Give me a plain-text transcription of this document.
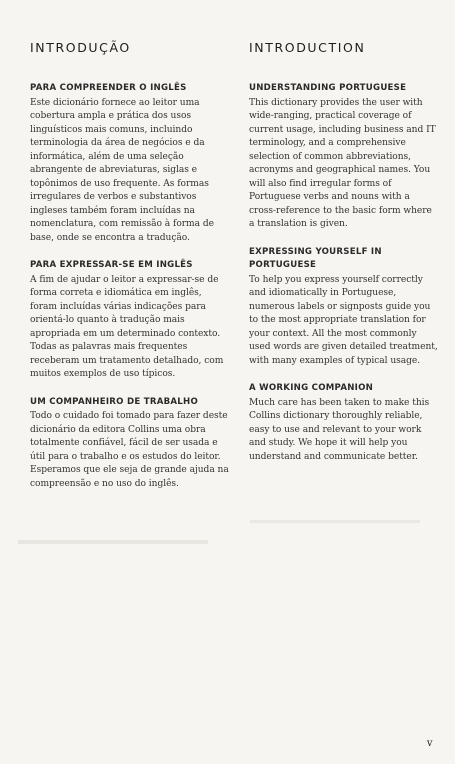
INTRODUÇÃO
PARA COMPREENDER O INGLÊS

Este dicionário fornece ao leitor uma cobertura ampla e prática dos usos linguísticos mais comuns, incluindo terminologia da área de negócios e da informática, além de uma seleção abrangente de abreviaturas, siglas e topônimos de uso frequente. As formas irregulares de verbos e substantivos ingleses também foram incluídas na nomenclatura, com remissão à forma de base, onde se encontra a tradução.

PARA EXPRESSAR-SE EM INGLÊS

A fim de ajudar o leitor a expressar-se de forma correta e idiomática em inglês, foram incluídas várias indicações para orientá-lo quanto à tradução mais apropriada em um determinado contexto. Todas as palavras mais frequentes receberam um tratamento detalhado, com muitos exemplos de uso típicos.

UM COMPANHEIRO DE TRABALHO

Todo o cuidado foi tomado para fazer deste dicionário da editora Collins uma obra totalmente confiável, fácil de ser usada e útil para o trabalho e os estudos do leitor. Esperamos que ele seja de grande ajuda na compreensão e no uso do inglês.

INTRODUCTION
UNDERSTANDING PORTUGUESE

This dictionary provides the user with wide-ranging, practical coverage of current usage, including business and IT terminology, and a comprehensive selection of common abbreviations, acronyms and geographical names. You will also find irregular forms of Portuguese verbs and nouns with a cross-reference to the basic form where a translation is given.

EXPRESSING YOURSELF IN PORTUGUESE

To help you express yourself correctly and idiomatically in Portuguese, numerous labels or signposts guide you to the most appropriate translation for your context. All the most commonly used words are given detailed treatment, with many examples of typical usage.

A WORKING COMPANION

Much care has been taken to make this Collins dictionary thoroughly reliable, easy to use and relevant to your work and study. We hope it will help you understand and communicate better.

v
